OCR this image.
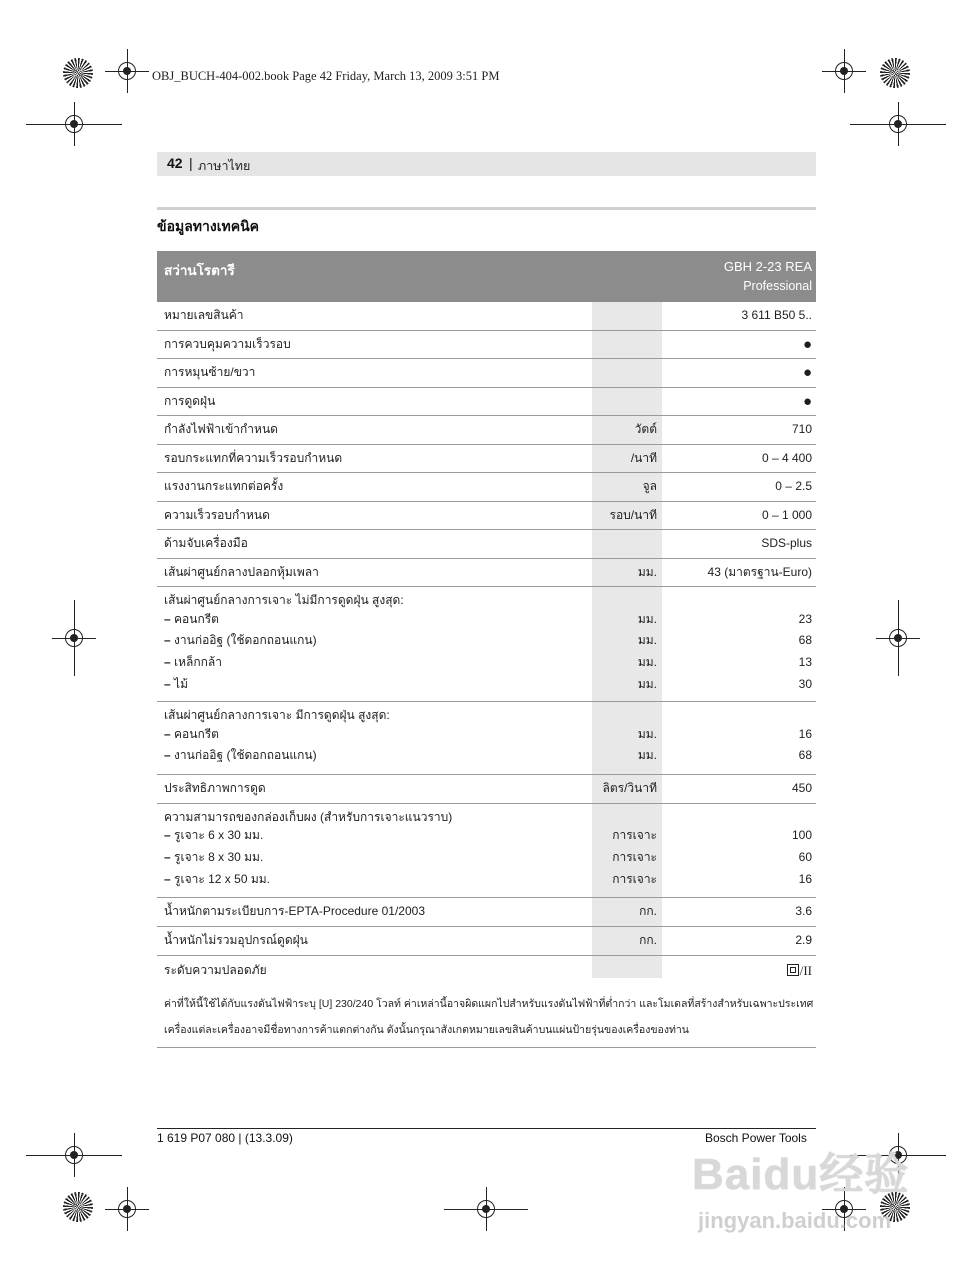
OBJ_BUCH-404-002.book Page 42 Friday, March 13, 2009 3:51 PM
42 | ภาษาไทย
ข้อมูลทางเทคนิค
สว่านโรตารี	GBH 2-23 REA
Professional
หมายเลขสินค้า	3 611 B50 5..
การควบคุมความเร็วรอบ	●
การหมุนซ้าย/ขวา	●
การดูดฝุ่น	●
กำลังไฟฟ้าเข้ากำหนด	วัตต์	710
รอบกระแทกที่ความเร็วรอบกำหนด	/นาที	0 – 4 400
แรงงานกระแทกต่อครั้ง	จูล	0 – 2.5
ความเร็วรอบกำหนด	รอบ/นาที	0 – 1 000
ด้ามจับเครื่องมือ	SDS-plus
เส้นผ่าศูนย์กลางปลอกหุ้มเพลา	มม.	43 (มาตรฐาน-Euro)
เส้นผ่าศูนย์กลางการเจาะ ไม่มีการดูดฝุ่น สูงสุด:
– คอนกรีต	มม.	23
– งานก่ออิฐ (ใช้ดอกถอนแกน)	มม.	68
– เหล็กกล้า	มม.	13
– ไม้	มม.	30
เส้นผ่าศูนย์กลางการเจาะ มีการดูดฝุ่น สูงสุด:
– คอนกรีต	มม.	16
– งานก่ออิฐ (ใช้ดอกถอนแกน)	มม.	68
ประสิทธิภาพการดูด	ลิตร/วินาที	450
ความสามารถของกล่องเก็บผง (สำหรับการเจาะแนวราบ)
– รูเจาะ 6 x 30 มม.	การเจาะ	100
– รูเจาะ 8 x 30 มม.	การเจาะ	60
– รูเจาะ 12 x 50 มม.	การเจาะ	16
น้ำหนักตามระเบียบการ-EPTA-Procedure 01/2003	กก.	3.6
น้ำหนักไม่รวมอุปกรณ์ดูดฝุ่น	กก.	2.9
ระดับความปลอดภัย	/II

ค่าที่ให้นี้ใช้ได้กับแรงดันไฟฟ้าระบุ [U] 230/240 โวลท์ ค่าเหล่านี้อาจผิดแผกไปสำหรับแรงดันไฟฟ้าที่ต่ำกว่า และโมเดลที่สร้างสำหรับเฉพาะประเทศ

เครื่องแต่ละเครื่องอาจมีชื่อทางการค้าแตกต่างกัน ดังนั้นกรุณาสังเกตหมายเลขสินค้าบนแผ่นป้ายรุ่นของเครื่องของท่าน

1 619 P07 080 | (13.3.09)	Bosch Power Tools
Baidu经验
jingyan.baidu.com
